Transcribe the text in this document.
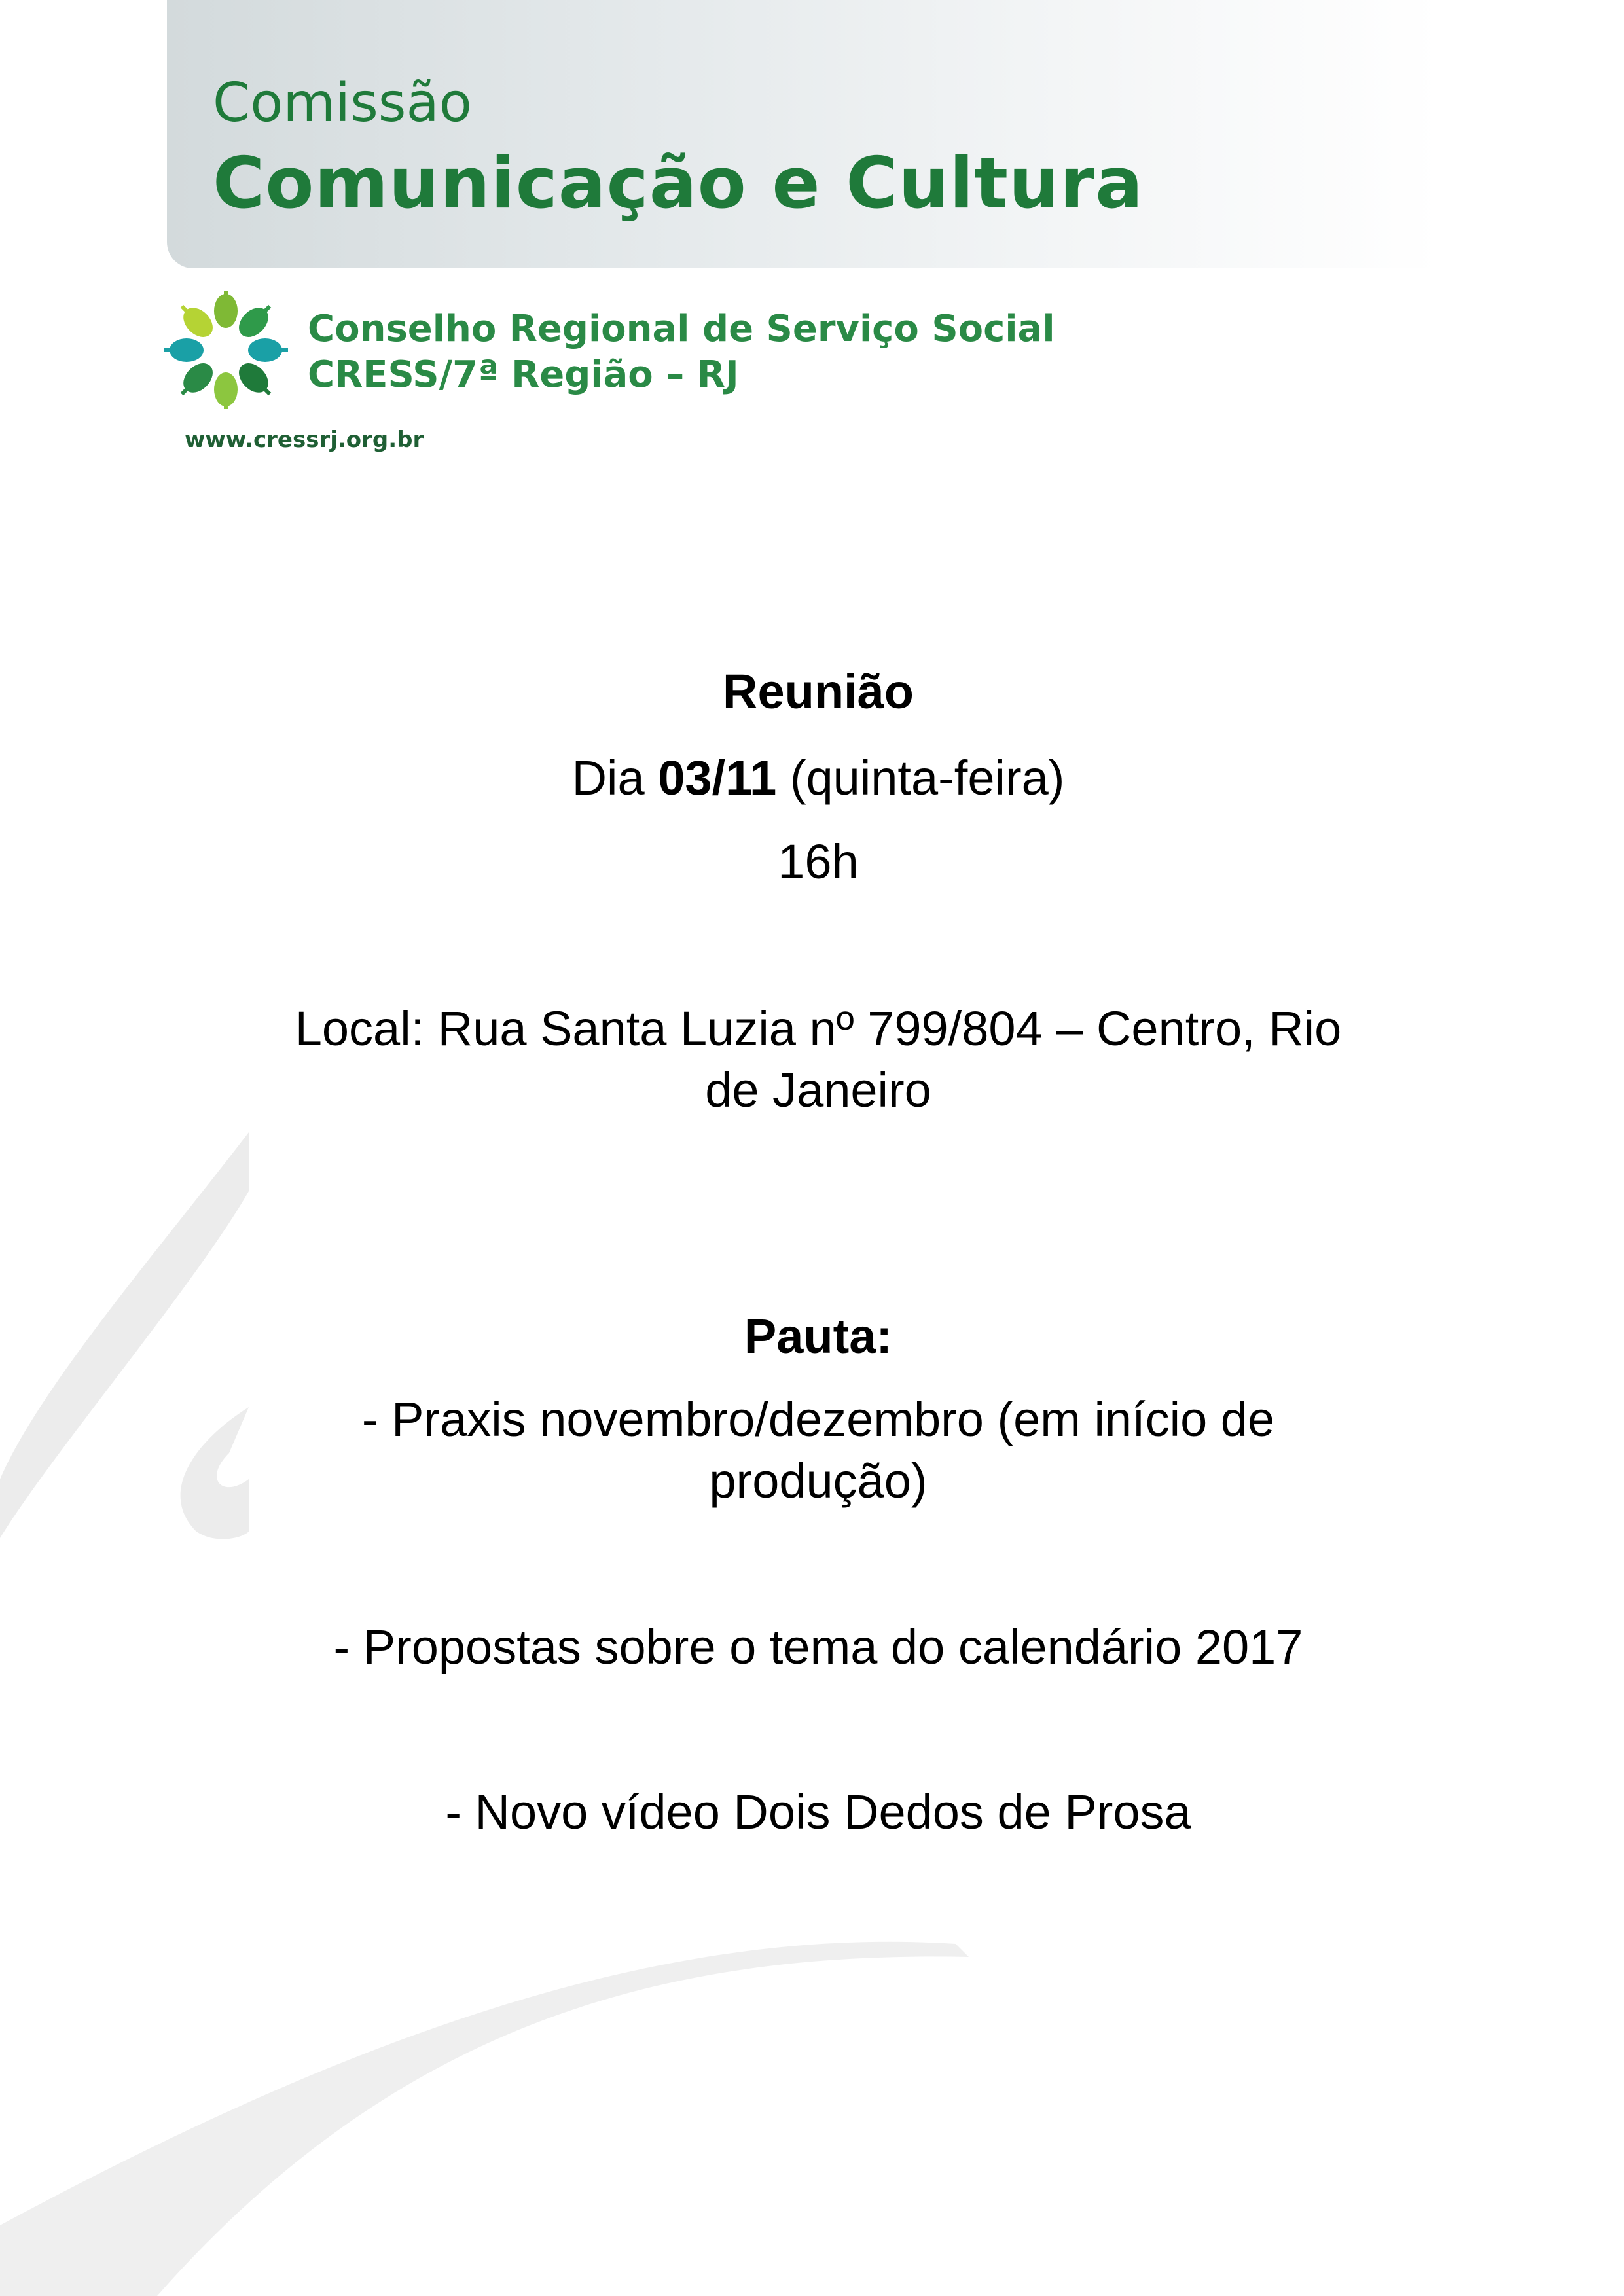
Comissão
Comunicação e Cultura
Conselho Regional de Serviço Social
CRESS/7ª Região – RJ
www.cressrj.org.br
Reunião
Dia 03/11 (quinta-feira)
16h
Local: Rua Santa Luzia nº 799/804 – Centro, Rio
de Janeiro
Pauta:
- Praxis novembro/dezembro (em início de
produção)
- Propostas sobre o tema do calendário 2017
- Novo vídeo Dois Dedos de Prosa
